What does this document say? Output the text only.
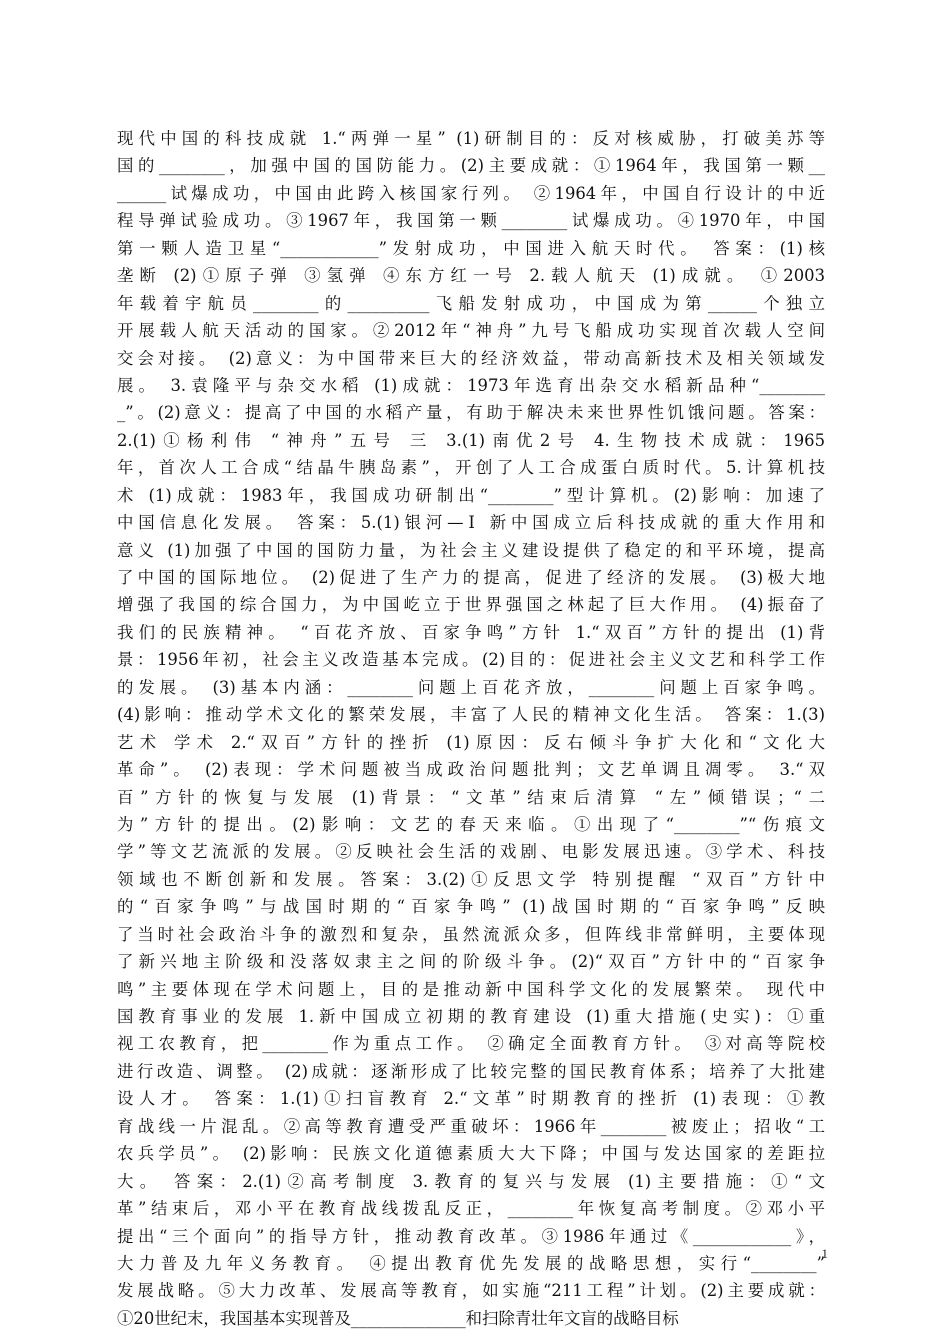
现代中国的科技成就 1.“两弹一星” (1)研制目的：反对核威胁，打破美苏等
国的________，加强中国的国防能力。(2)主要成就：①1964年，我国第一颗__
______试爆成功，中国由此跨入核国家行列。 ②1964年，中国自行设计的中近
程导弹试验成功。③1967年，我国第一颗________试爆成功。④1970年，中国
第一颗人造卫星“____________”发射成功，中国进入航天时代。 答案：(1)核
垄断 (2)①原子弹 ③氢弹 ④东方红一号 2.载人航天 (1)成就。 ①2003
年载着宇航员________的__________飞船发射成功，中国成为第______个独立
开展载人航天活动的国家。②2012年“神舟”九号飞船成功实现首次载人空间
交会对接。 (2)意义：为中国带来巨大的经济效益，带动高新技术及相关领域发
展。 3.袁隆平与杂交水稻 (1)成就：1973年选育出杂交水稻新品种“________
_”。(2)意义：提高了中国的水稻产量，有助于解决未来世界性饥饿问题。答案：
2.(1)①杨利伟 “神舟”五号 三 3.(1)南优2号 4.生物技术成就：1965
年，首次人工合成“结晶牛胰岛素”，开创了人工合成蛋白质时代。5.计算机技
术 (1)成就：1983年，我国成功研制出“________”型计算机。(2)影响：加速了
中国信息化发展。 答案：5.(1)银河—Ⅰ 新中国成立后科技成就的重大作用和
意义 (1)加强了中国的国防力量，为社会主义建设提供了稳定的和平环境，提高
了中国的国际地位。 (2)促进了生产力的提高，促进了经济的发展。 (3)极大地
增强了我国的综合国力，为中国屹立于世界强国之林起了巨大作用。 (4)振奋了
我们的民族精神。 “百花齐放、百家争鸣”方针 1.“双百”方针的提出 (1)背
景：1956年初，社会主义改造基本完成。(2)目的：促进社会主义文艺和科学工作
的发展。 (3)基本内涵：________问题上百花齐放，________问题上百家争鸣。
(4)影响：推动学术文化的繁荣发展，丰富了人民的精神文化生活。 答案：1.(3)
艺术 学术 2.“双百”方针的挫折 (1)原因：反右倾斗争扩大化和“文化大
革命”。 (2)表现：学术问题被当成政治问题批判；文艺单调且凋零。 3.“双
百”方针的恢复与发展 (1)背景：“文革”结束后清算 “左”倾错误；“二
为”方针的提出。(2)影响：文艺的春天来临。①出现了“________”“伤痕文
学”等文艺流派的发展。②反映社会生活的戏剧、电影发展迅速。③学术、科技
领域也不断创新和发展。答案：3.(2)①反思文学 特别提醒 “双百”方针中
的“百家争鸣”与战国时期的“百家争鸣” (1)战国时期的“百家争鸣”反映
了当时社会政治斗争的激烈和复杂，虽然流派众多，但阵线非常鲜明，主要体现
了新兴地主阶级和没落奴隶主之间的阶级斗争。(2)“双百”方针中的“百家争
鸣”主要体现在学术问题上，目的是推动新中国科学文化的发展繁荣。 现代中
国教育事业的发展 1.新中国成立初期的教育建设 (1)重大措施(史实)：①重
视工农教育，把________作为重点工作。 ②确定全面教育方针。 ③对高等院校
进行改造、调整。 (2)成就：逐渐形成了比较完整的国民教育体系；培养了大批建
设人才。 答案：1.(1)①扫盲教育 2.“文革”时期教育的挫折 (1)表现：①教
育战线一片混乱。②高等教育遭受严重破坏：1966年________被废止；招收“工
农兵学员”。 (2)影响：民族文化道德素质大大下降；中国与发达国家的差距拉
大。 答案：2.(1)②高考制度 3.教育的复兴与发展 (1)主要措施：①“文
革”结束后，邓小平在教育战线拨乱反正，________年恢复高考制度。②邓小平
提出“三个面向”的指导方针，推动教育改革。③1986年通过《____________》，
大力普及九年义务教育。 ④提出教育优先发展的战略思想，实行“________”
发展战略。⑤大力改革、发展高等教育，如实施“211工程”计划。(2)主要成就：
①20世纪末，我国基本实现普及______________和扫除青壮年文盲的战略目标
1
